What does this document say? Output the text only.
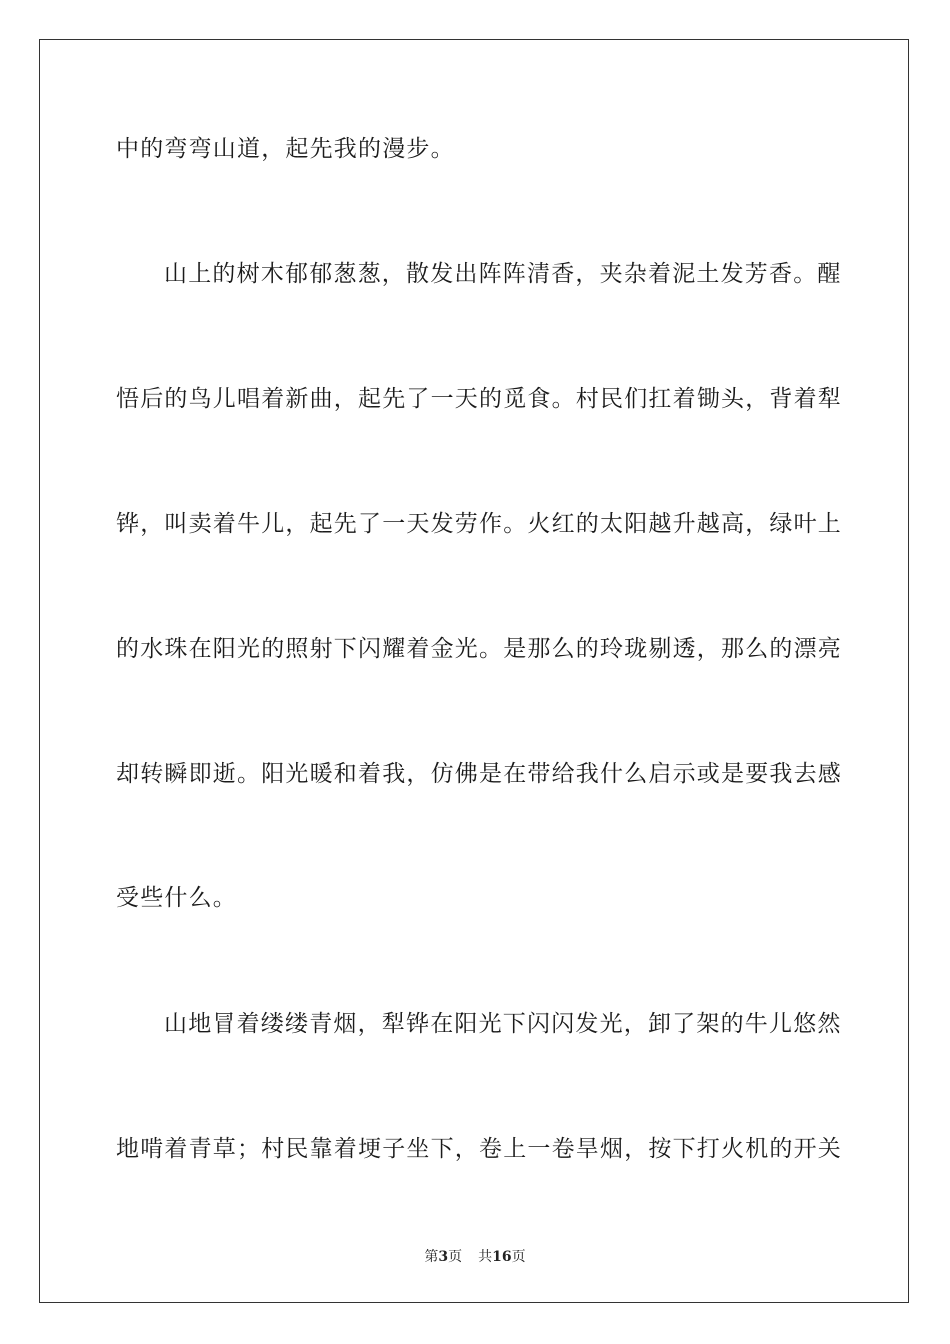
中的弯弯山道，起先我的漫步。
山上的树木郁郁葱葱，散发出阵阵清香，夹杂着泥土发芳香。醒
悟后的鸟儿唱着新曲，起先了一天的觅食。村民们扛着锄头，背着犁
铧，叫卖着牛儿，起先了一天发劳作。火红的太阳越升越高，绿叶上
的水珠在阳光的照射下闪耀着金光。是那么的玲珑剔透，那么的漂亮
却转瞬即逝。阳光暖和着我，仿佛是在带给我什么启示或是要我去感
受些什么。
山地冒着缕缕青烟，犁铧在阳光下闪闪发光，卸了架的牛儿悠然
地啃着青草；村民靠着埂子坐下，卷上一卷旱烟，按下打火机的开关
第3页 共16页
